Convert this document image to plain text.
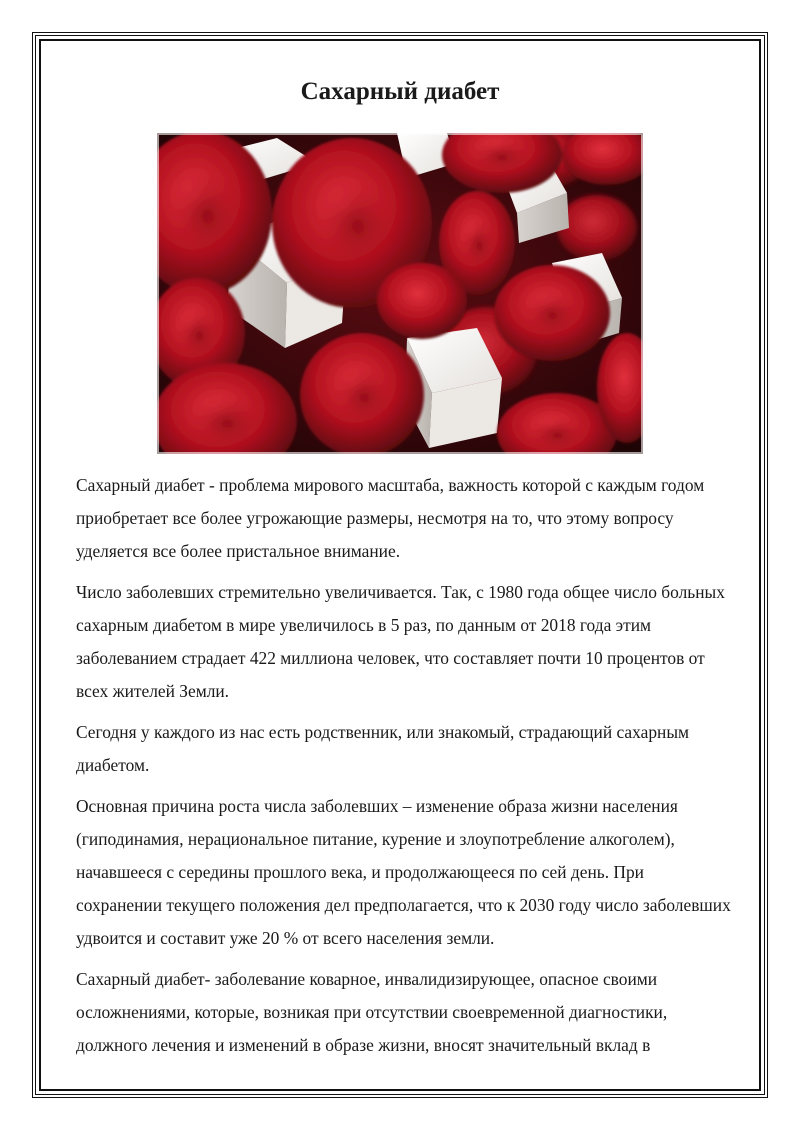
Сахарный диабет

Сахарный диабет - проблема мирового масштаба, важность которой с каждым годом приобретает все более угрожающие размеры, несмотря на то, что этому вопросу уделяется все более пристальное внимание.

Число заболевших стремительно увеличивается. Так, с 1980 года общее число больных сахарным диабетом в мире увеличилось в 5 раз, по данным от 2018 года этим заболеванием страдает 422 миллиона человек, что составляет почти 10 процентов от всех жителей Земли.

Сегодня у каждого из нас есть родственник, или знакомый, страдающий сахарным диабетом.

Основная причина роста числа заболевших – изменение образа жизни населения (гиподинамия, нерациональное питание, курение и злоупотребление алкоголем), начавшееся с середины прошлого века, и продолжающееся по сей день. При сохранении текущего положения дел предполагается, что к 2030 году число заболевших удвоится и составит уже 20 % от всего населения земли.

Сахарный диабет- заболевание коварное, инвалидизирующее, опасное своими осложнениями, которые, возникая при отсутствии своевременной диагностики, должного лечения и изменений в образе жизни, вносят значительный вклад в
